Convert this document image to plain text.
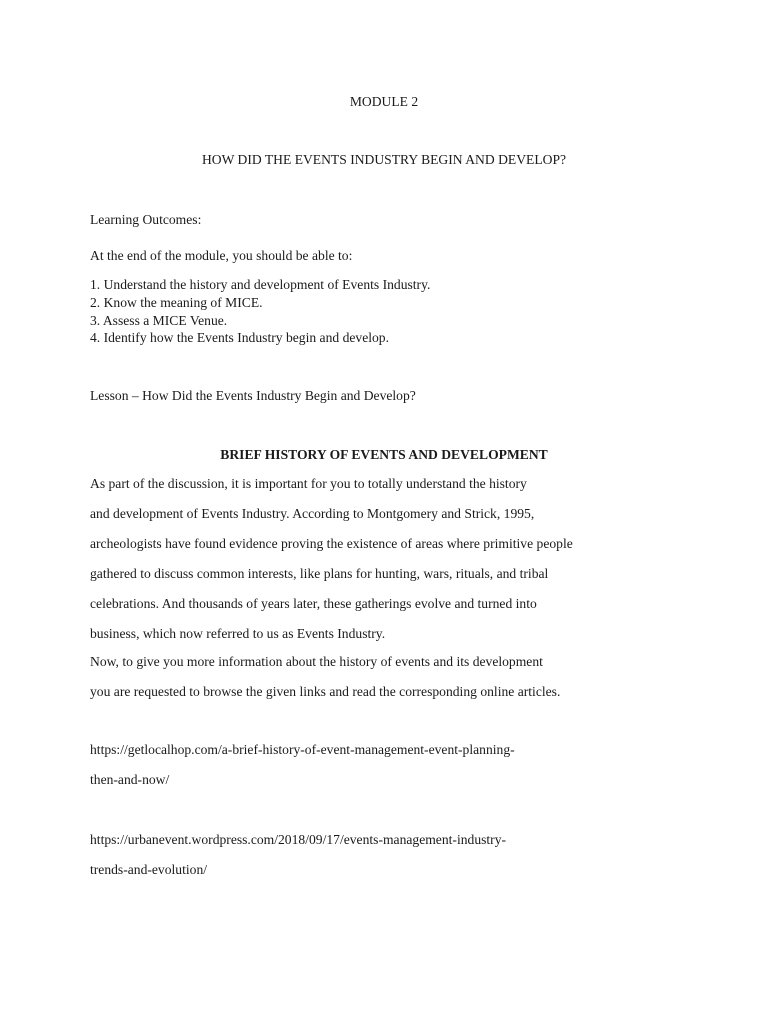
MODULE 2

HOW DID THE EVENTS INDUSTRY BEGIN AND DEVELOP?

Learning Outcomes:

At the end of the module, you should be able to:

1. Understand the history and development of Events Industry.

2. Know the meaning of MICE.

3. Assess a MICE Venue.

4. Identify how the Events Industry begin and develop.

Lesson – How Did the Events Industry Begin and Develop?

BRIEF HISTORY OF EVENTS AND DEVELOPMENT

As part of the discussion, it is important for you to totally understand the history

and development of Events Industry. According to Montgomery and Strick, 1995,

archeologists have found evidence proving the existence of areas where primitive people

gathered to discuss common interests, like plans for hunting, wars, rituals, and tribal

celebrations. And thousands of years later, these gatherings evolve and turned into

business, which now referred to us as Events Industry.

Now, to give you more information about the history of events and its development

you are requested to browse the given links and read the corresponding online articles.

https://getlocalhop.com/a-brief-history-of-event-management-event-planning-
then-and-now/
https://urbanevent.wordpress.com/2018/09/17/events-management-industry-
trends-and-evolution/
